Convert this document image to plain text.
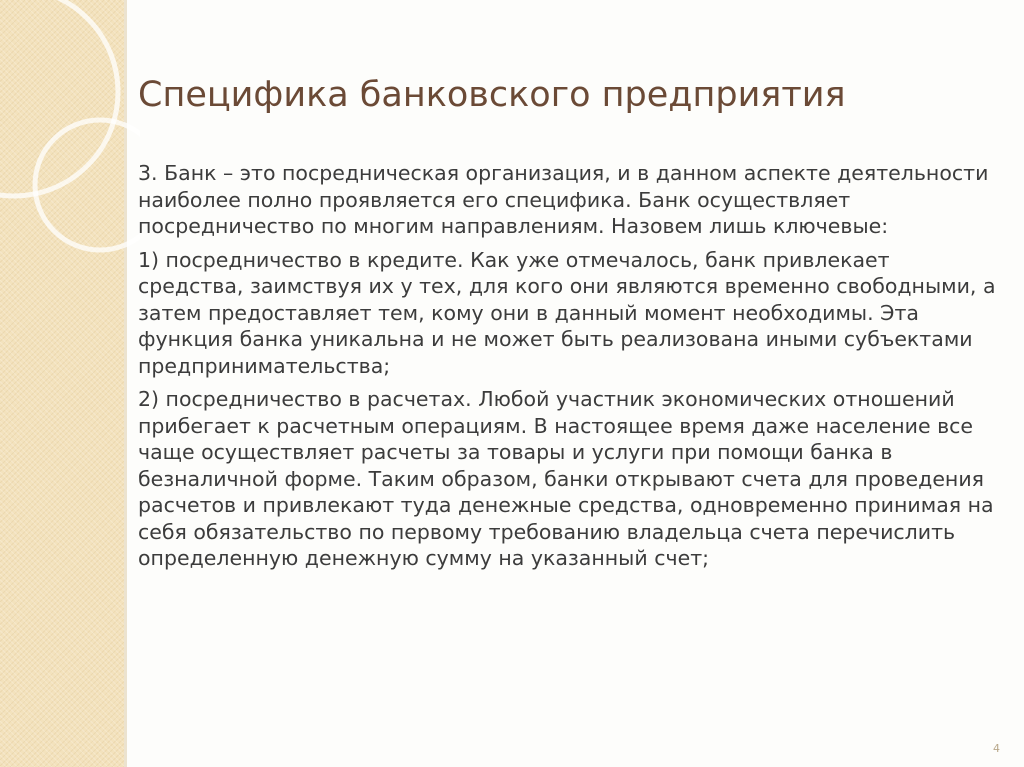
Специфика банковского предприятия

3. Банк – это посредническая организация, и в данном аспекте деятельности наиболее полно проявляется его специфика. Банк осуществляет посредничество по многим направлениям. Назовем лишь ключевые:

1) посредничество в кредите. Как уже отмечалось, банк привлекает средства, заимствуя их у тех, для кого они являются временно свободными, а затем предоставляет тем, кому они в данный момент необходимы. Эта функция банка уникальна и не может быть реализована иными субъектами предпринимательства;

2) посредничество в расчетах. Любой участник экономических отношений прибегает к расчетным операциям. В настоящее время даже население все чаще осуществляет расчеты за товары и услуги при помощи банка в безналичной форме. Таким образом, банки открывают счета для проведения расчетов и привлекают туда денежные средства, одновременно принимая на себя обязательство по первому требованию владельца счета перечислить определенную денежную сумму на указанный счет;

4
